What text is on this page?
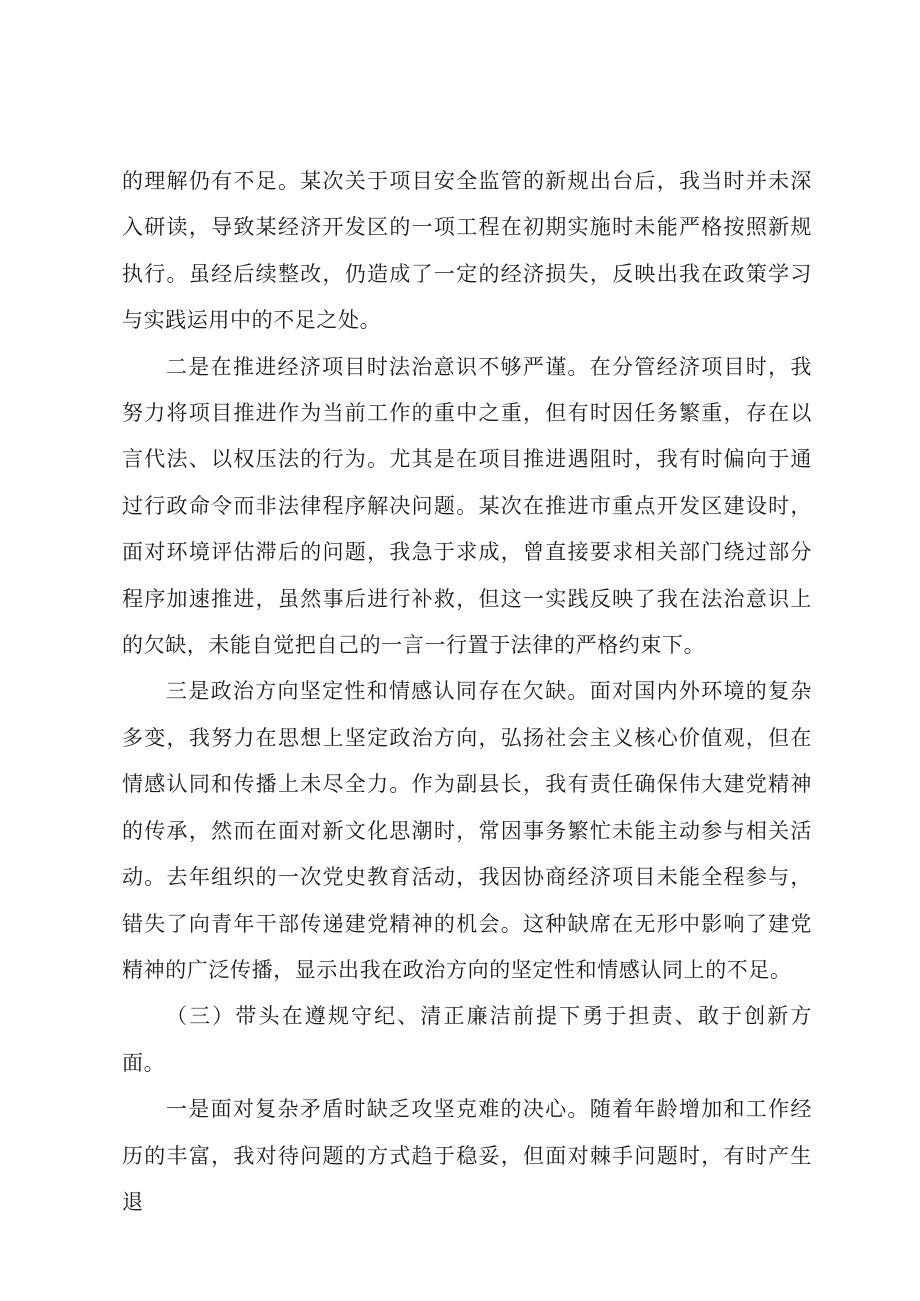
的理解仍有不足。某次关于项目安全监管的新规出台后，我当时并未深入研读，导致某经济开发区的一项工程在初期实施时未能严格按照新规执行。虽经后续整改，仍造成了一定的经济损失，反映出我在政策学习与实践运用中的不足之处。

二是在推进经济项目时法治意识不够严谨。在分管经济项目时，我努力将项目推进作为当前工作的重中之重，但有时因任务繁重，存在以言代法、以权压法的行为。尤其是在项目推进遇阻时，我有时偏向于通过行政命令而非法律程序解决问题。某次在推进市重点开发区建设时，面对环境评估滞后的问题，我急于求成，曾直接要求相关部门绕过部分程序加速推进，虽然事后进行补救，但这一实践反映了我在法治意识上的欠缺，未能自觉把自己的一言一行置于法律的严格约束下。

三是政治方向坚定性和情感认同存在欠缺。面对国内外环境的复杂多变，我努力在思想上坚定政治方向，弘扬社会主义核心价值观，但在情感认同和传播上未尽全力。作为副县长，我有责任确保伟大建党精神的传承，然而在面对新文化思潮时，常因事务繁忙未能主动参与相关活动。去年组织的一次党史教育活动，我因协商经济项目未能全程参与，错失了向青年干部传递建党精神的机会。这种缺席在无形中影响了建党精神的广泛传播，显示出我在政治方向的坚定性和情感认同上的不足。

（三）带头在遵规守纪、清正廉洁前提下勇于担责、敢于创新方面。

一是面对复杂矛盾时缺乏攻坚克难的决心。随着年龄增加和工作经历的丰富，我对待问题的方式趋于稳妥，但面对棘手问题时，有时产生退
